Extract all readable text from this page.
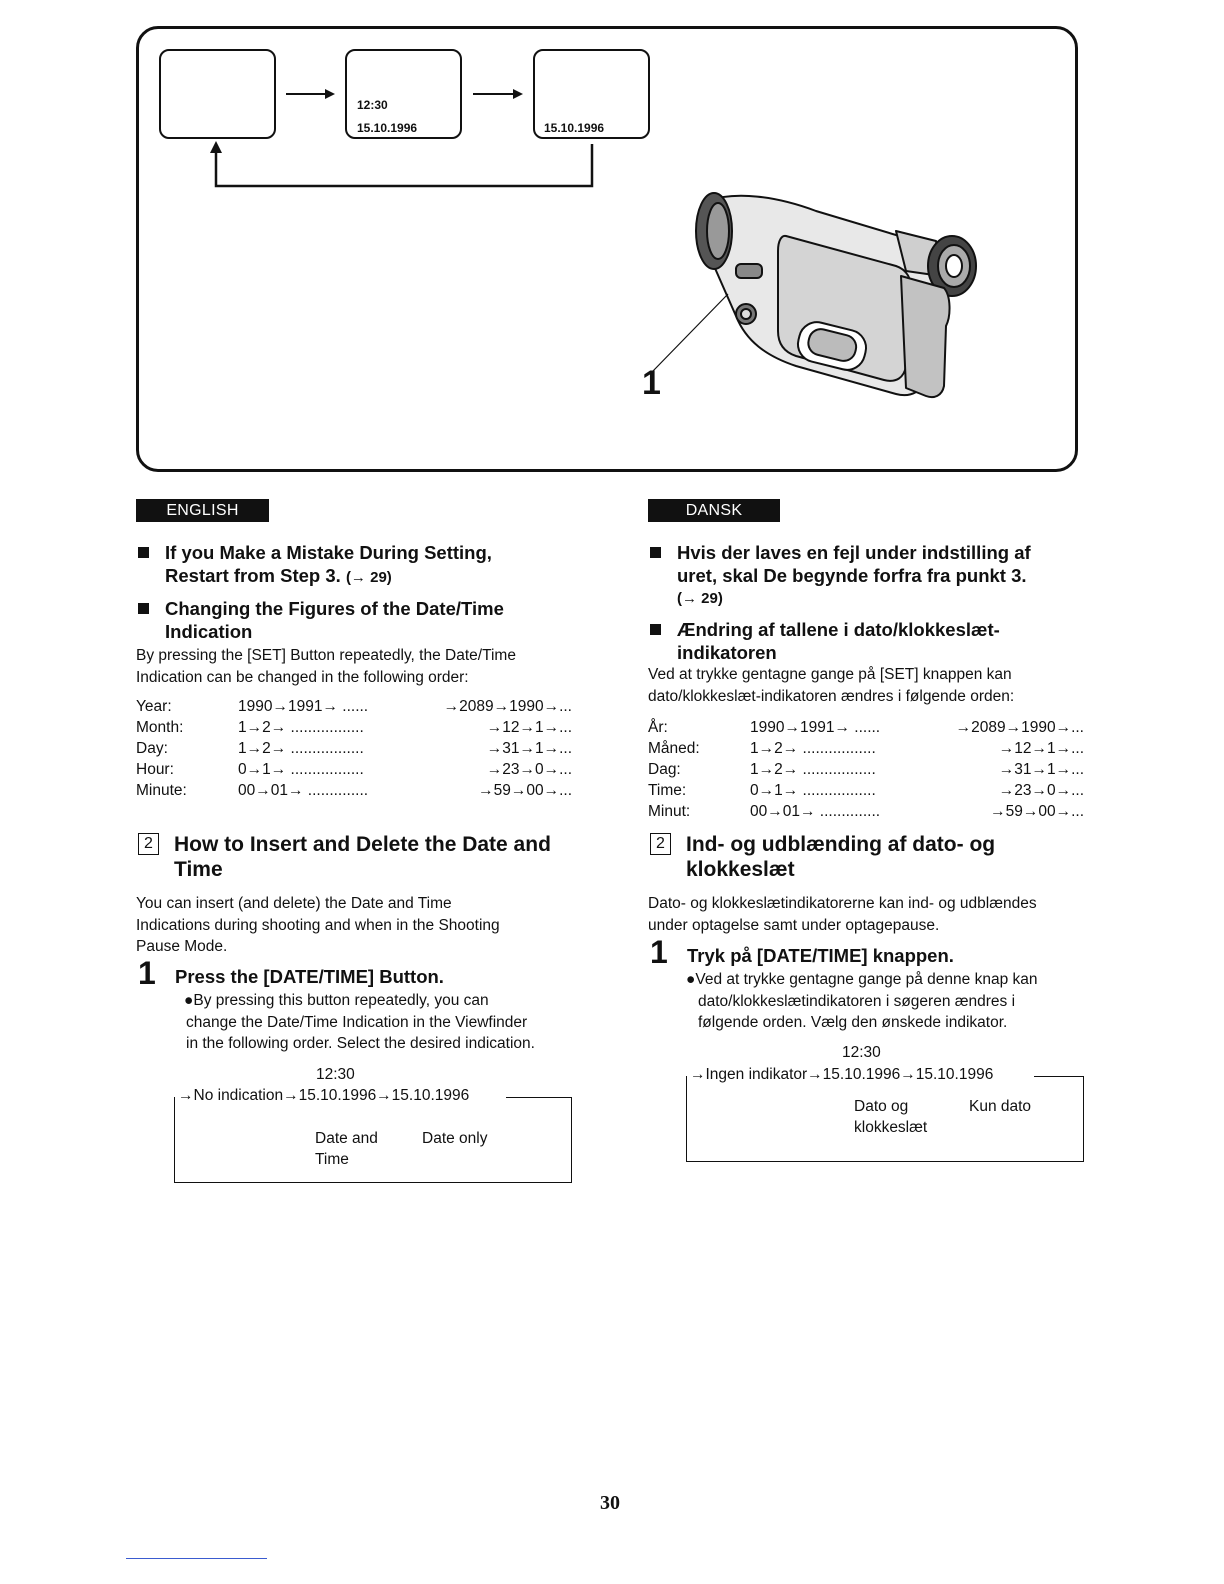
12:30
15.10.1996	15.10.1996
1
ENGLISH
If you Make a Mistake During Setting,
Restart from Step 3. (→ 29)
Changing the Figures of the Date/Time
Indication
By pressing the [SET] Button repeatedly, the Date/Time
Indication can be changed in the following order:
Year:	1990→1991→ ......	→2089→1990→...
Month:	1→2→ .................	→12→1→...
Day:	1→2→ .................	→31→1→...
Hour:	0→1→ .................	→23→0→...
Minute:	00→01→ ..............	→59→00→...
2 How to Insert and Delete the Date and
Time
You can insert (and delete) the Date and Time
Indications during shooting and when in the Shooting
Pause Mode.
1 Press the [DATE/TIME] Button.
●By pressing this button repeatedly, you can
change the Date/Time Indication in the Viewfinder
in the following order. Select the desired indication.
12:30
→No indication→15.10.1996→15.10.1996
Date and
Time
Date only
DANSK
Hvis der laves en fejl under indstilling af
uret, skal De begynde forfra fra punkt 3.
(→ 29)
Ændring af tallene i dato/klokkeslæt-
indikatoren
Ved at trykke gentagne gange på [SET] knappen kan
dato/klokkeslæt-indikatoren ændres i følgende orden:
År:	1990→1991→ ......	→2089→1990→...
Måned:	1→2→ .................	→12→1→...
Dag:	1→2→ .................	→31→1→...
Time:	0→1→ .................	→23→0→...
Minut:	00→01→ ..............	→59→00→...
2 Ind- og udblænding af dato- og
klokkeslæt
Dato- og klokkeslætindikatorerne kan ind- og udblændes
under optagelse samt under optagepause.
1 Tryk på [DATE/TIME] knappen.
●Ved at trykke gentagne gange på denne knap kan
dato/klokkeslætindikatoren i søgeren ændres i
følgende orden. Vælg den ønskede indikator.
12:30
→Ingen indikator→15.10.1996→15.10.1996
Dato og
klokkeslæt
Kun dato
30
